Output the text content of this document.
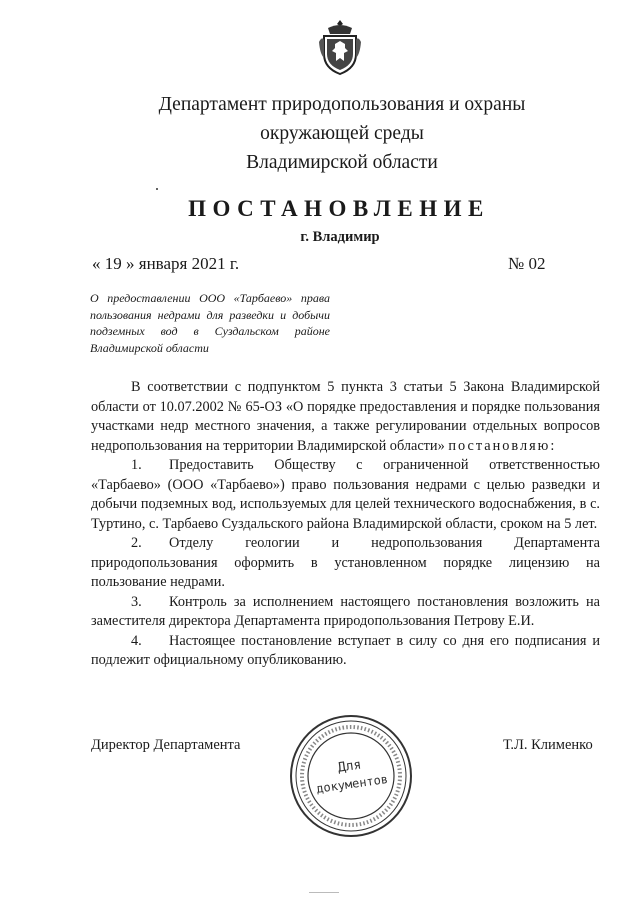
Департамент природопользования и охраны
окружающей среды
Владимирской области
ПОСТАНОВЛЕНИЕ
г. Владимир
« 19 » января 2021 г.	№ 02
О предоставлении ООО «Тарбаево» права пользования недрами для разведки и добычи подземных вод в Суздальском районе Владимирской области

В соответствии с подпунктом 5 пункта 3 статьи 5 Закона Владимирской области от 10.07.2002 № 65-ОЗ «О порядке предоставления и порядке пользования участками недр местного значения, а также регулировании отдельных вопросов недропользования на территории Владимирской области» постановляю:

1. Предоставить Обществу с ограниченной ответственностью «Тарбаево» (ООО «Тарбаево») право пользования недрами с целью разведки и добычи подземных вод, используемых для целей технического водоснабжения, в с. Туртино, с. Тарбаево Суздальского района Владимирской области, сроком на 5 лет.

2. Отделу геологии и недропользования Департамента природопользования оформить в установленном порядке лицензию на пользование недрами.

3. Контроль за исполнением настоящего постановления возложить на заместителя директора Департамента природопользования Петрову Е.И.

4. Настоящее постановление вступает в силу со дня его подписания и подлежит официальному опубликованию.

Директор Департамента	Т.Л. Клименко
Для
документов
